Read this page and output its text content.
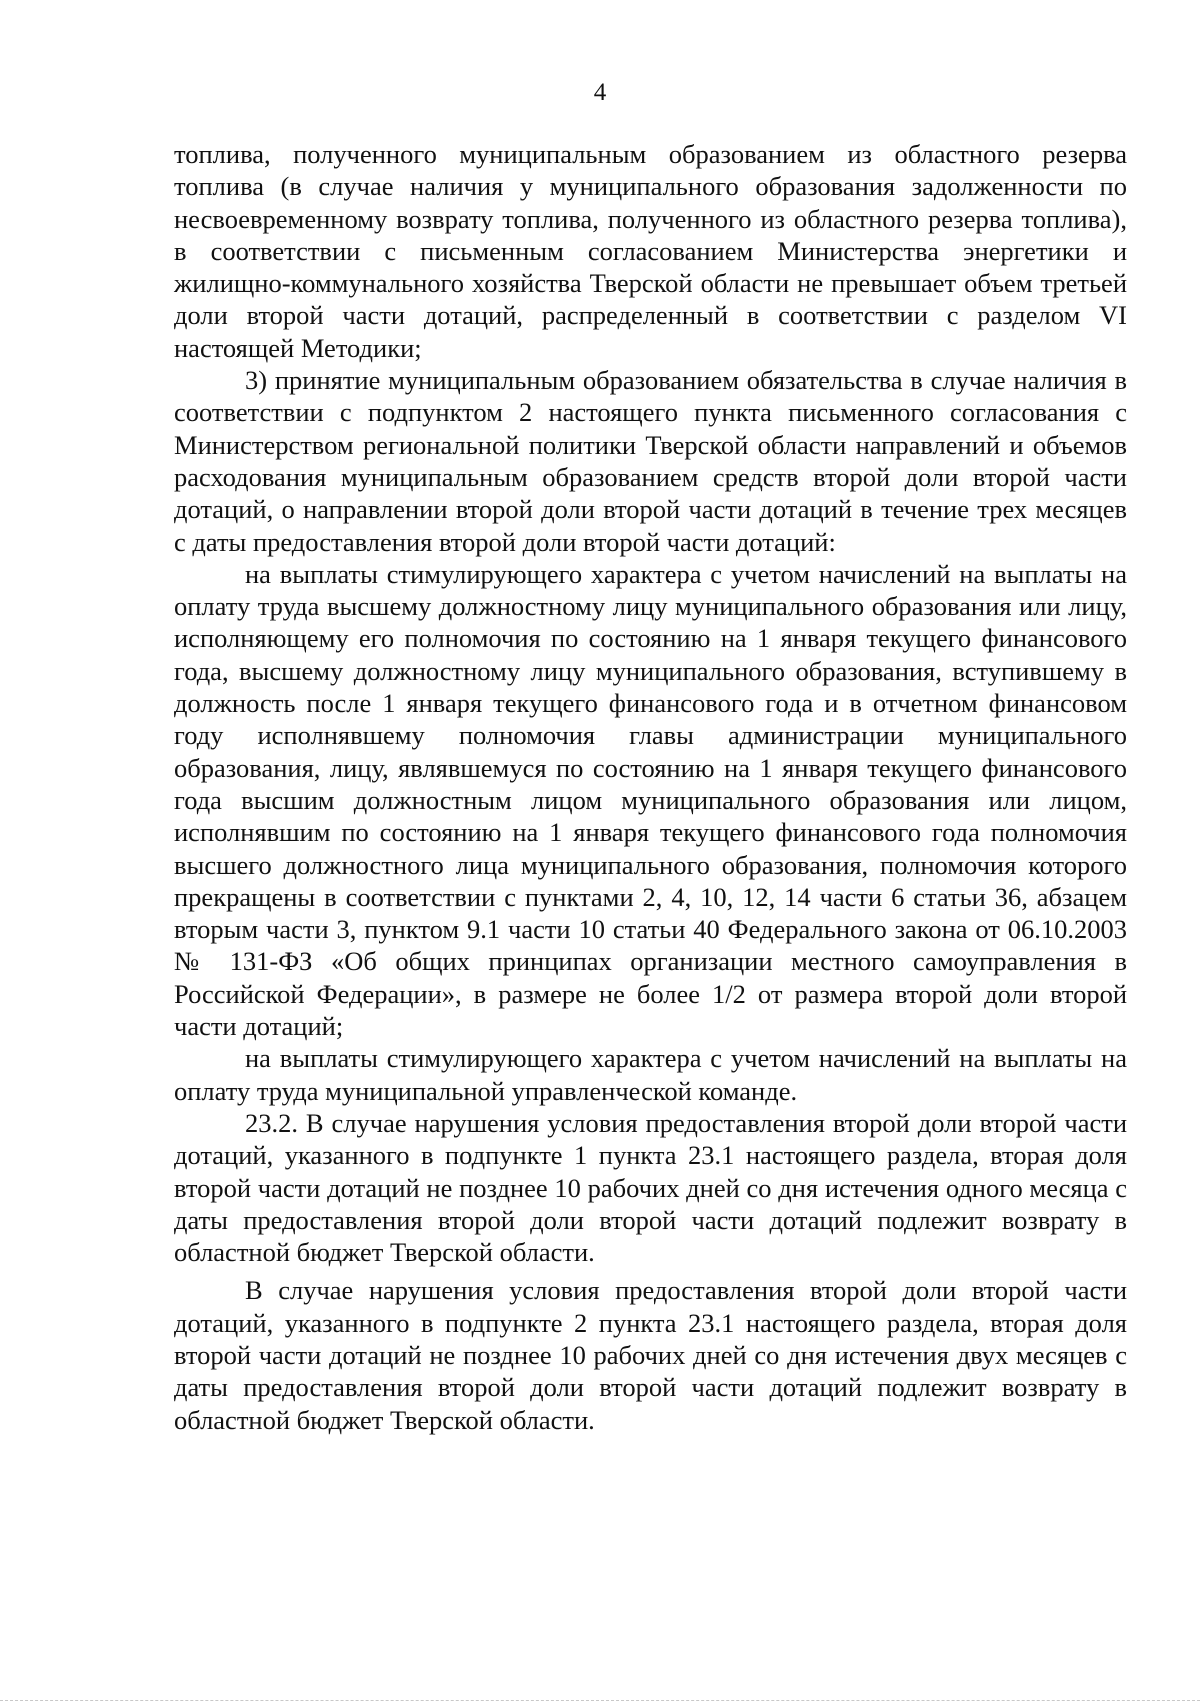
4

топлива, полученного муниципальным образованием из областного резерва топлива (в случае наличия у муниципального образования задолженности по несвоевременному возврату топлива, полученного из областного резерва топлива), в соответствии с письменным согласованием Министерства энергетики и жилищно-коммунального хозяйства Тверской области не превышает объем третьей доли второй части дотаций, распределенный в соответствии с разделом VI настоящей Методики;

3) принятие муниципальным образованием обязательства в случае наличия в соответствии с подпунктом 2 настоящего пункта письменного согласования с Министерством региональной политики Тверской области направлений и объемов расходования муниципальным образованием средств второй доли второй части дотаций, о направлении второй доли второй части дотаций в течение трех месяцев с даты предоставления второй доли второй части дотаций:

на выплаты стимулирующего характера с учетом начислений на выплаты на оплату труда высшему должностному лицу муниципального образования или лицу, исполняющему его полномочия по состоянию на 1 января текущего финансового года, высшему должностному лицу муниципального образования, вступившему в должность после 1 января текущего финансового года и в отчетном финансовом году исполнявшему полномочия главы администрации муниципального образования, лицу, являвшемуся по состоянию на 1 января текущего финансового года высшим должностным лицом муниципального образования или лицом, исполнявшим по состоянию на 1 января текущего финансового года полномочия высшего должностного лица муниципального образования, полномочия которого прекращены в соответствии с пунктами 2, 4, 10, 12, 14 части 6 статьи 36, абзацем вторым части 3, пунктом 9.1 части 10 статьи 40 Федерального закона от 06.10.2003 № 131-ФЗ «Об общих принципах организации местного самоуправления в Российской Федерации», в размере не более 1/2 от размера второй доли второй части дотаций;

на выплаты стимулирующего характера с учетом начислений на выплаты на оплату труда муниципальной управленческой команде.

23.2. В случае нарушения условия предоставления второй доли второй части дотаций, указанного в подпункте 1 пункта 23.1 настоящего раздела, вторая доля второй части дотаций не позднее 10 рабочих дней со дня истечения одного месяца с даты предоставления второй доли второй части дотаций подлежит возврату в областной бюджет Тверской области.

В случае нарушения условия предоставления второй доли второй части дотаций, указанного в подпункте 2 пункта 23.1 настоящего раздела, вторая доля второй части дотаций не позднее 10 рабочих дней со дня истечения двух месяцев с даты предоставления второй доли второй части дотаций подлежит возврату в областной бюджет Тверской области.
